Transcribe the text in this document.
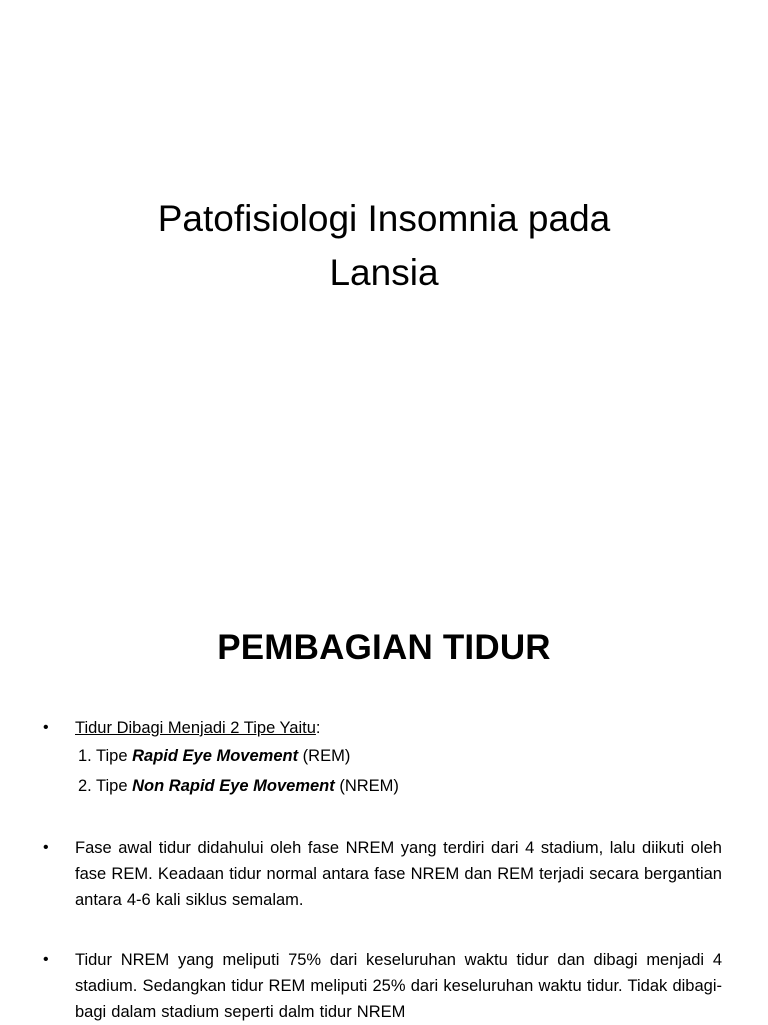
Patofisiologi Insomnia pada
Lansia
PEMBAGIAN TIDUR
• Tidur Dibagi Menjadi 2 Tipe Yaitu:
1. Tipe Rapid Eye Movement (REM)
2. Tipe Non Rapid Eye Movement (NREM)
• Fase awal tidur didahului oleh fase NREM yang terdiri dari 4 stadium, lalu diikuti oleh fase REM. Keadaan tidur normal antara fase NREM dan REM terjadi secara bergantian antara 4-6 kali siklus semalam.
• Tidur NREM yang meliputi 75% dari keseluruhan waktu tidur dan dibagi menjadi 4 stadium. Sedangkan tidur REM meliputi 25% dari keseluruhan waktu tidur. Tidak dibagi-bagi dalam stadium seperti dalm tidur NREM
